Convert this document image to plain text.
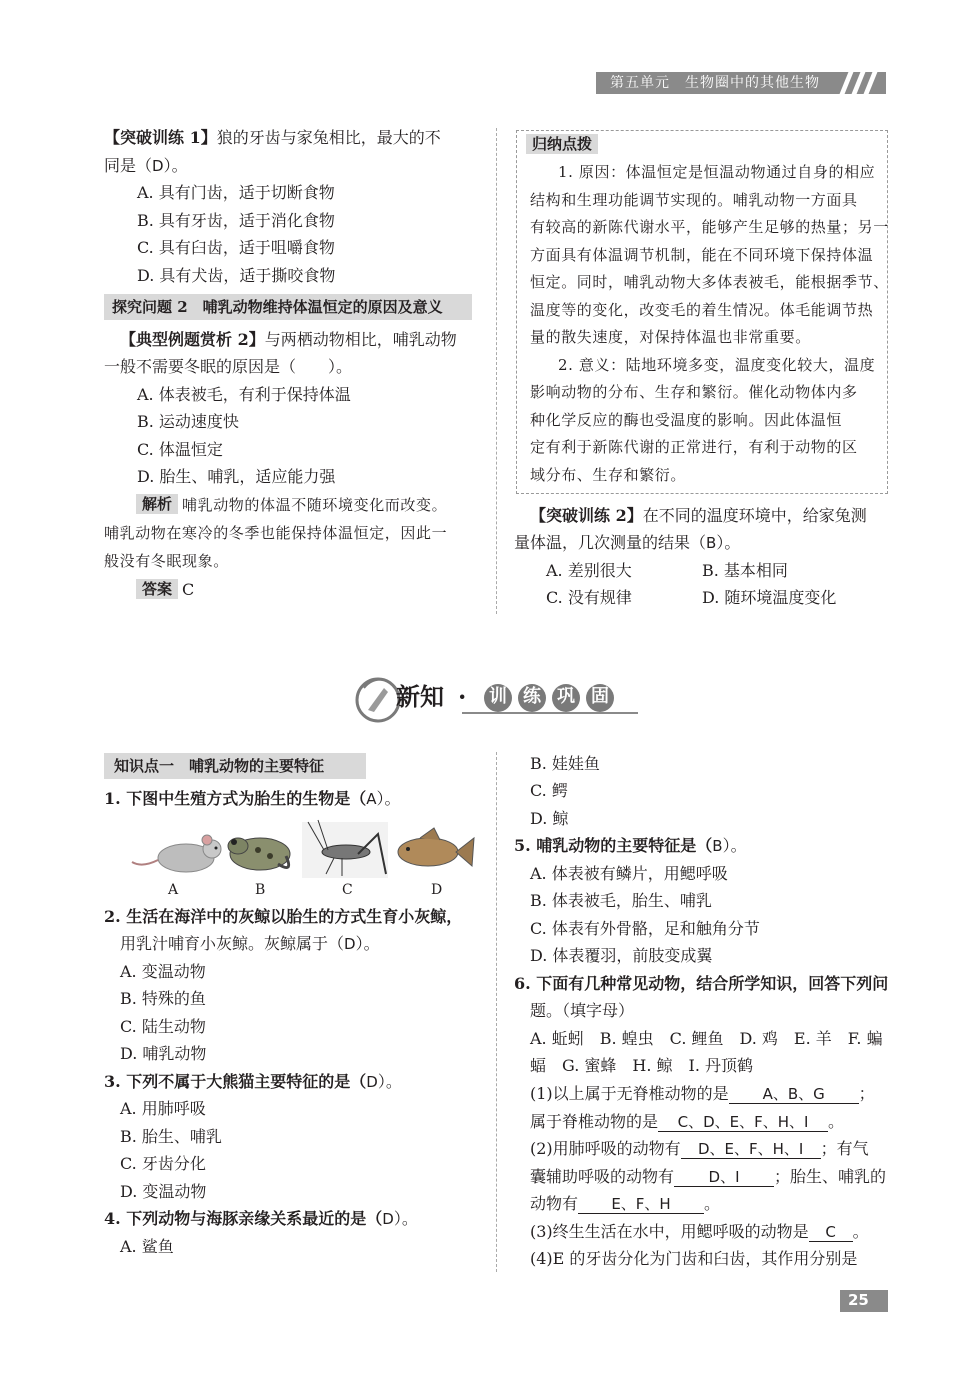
第五单元　生物圈中的其他生物
【突破训练 1】狼的牙齿与家兔相比，最大的不
同是（D）。
A. 具有门齿，适于切断食物
B. 具有牙齿，适于消化食物
C. 具有臼齿，适于咀嚼食物
D. 具有犬齿，适于撕咬食物
探究问题 2　哺乳动物维持体温恒定的原因及意义
【典型例题赏析 2】与两栖动物相比，哺乳动物
一般不需要冬眠的原因是（　　）。
A. 体表被毛，有利于保持体温
B. 运动速度快
C. 体温恒定
D. 胎生、哺乳，适应能力强
解析 哺乳动物的体温不随环境变化而改变。
哺乳动物在寒冷的冬季也能保持体温恒定，因此一
般没有冬眠现象。
答案 C
归纳点拨
1. 原因：体温恒定是恒温动物通过自身的相应
结构和生理功能调节实现的。哺乳动物一方面具
有较高的新陈代谢水平，能够产生足够的热量；另一
方面具有体温调节机制，能在不同环境下保持体温
恒定。同时，哺乳动物大多体表被毛，能根据季节、
温度等的变化，改变毛的着生情况。体毛能调节热
量的散失速度，对保持体温也非常重要。
2. 意义：陆地环境多变，温度变化较大，温度
影响动物的分布、生存和繁衍。催化动物体内多
种化学反应的酶也受温度的影响。因此体温恒
定有利于新陈代谢的正常进行，有利于动物的区
域分布、生存和繁衍。
【突破训练 2】在不同的温度环境中，给家兔测
量体温，几次测量的结果（B）。
A. 差别很大	B. 基本相同
C. 没有规律	D. 随环境温度变化
新知 · 训 练 巩 固
知识点一　哺乳动物的主要特征
1. 下图中生殖方式为胎生的生物是（A）。
A	B	C	D
2. 生活在海洋中的灰鲸以胎生的方式生育小灰鲸，
用乳汁哺育小灰鲸。灰鲸属于（D）。
A. 变温动物
B. 特殊的鱼
C. 陆生动物
D. 哺乳动物
3. 下列不属于大熊猫主要特征的是（D）。
A. 用肺呼吸
B. 胎生、哺乳
C. 牙齿分化
D. 变温动物
4. 下列动物与海豚亲缘关系最近的是（D）。
A. 鲨鱼
B. 娃娃鱼
C. 鳄
D. 鲸
5. 哺乳动物的主要特征是（B）。
A. 体表被有鳞片，用鳃呼吸
B. 体表被毛，胎生、哺乳
C. 体表有外骨骼，足和触角分节
D. 体表覆羽，前肢变成翼
6. 下面有几种常见动物，结合所学知识，回答下列问
题。（填字母）
A. 蚯蚓　B. 蝗虫　C. 鲤鱼　D. 鸡　E. 羊　F. 蝙
蝠　G. 蜜蜂　H. 鲸　I. 丹顶鹤
(1)以上属于无脊椎动物的是 A、B、G ；
属于脊椎动物的是 C、D、E、F、H、I 。
(2)用肺呼吸的动物有 D、E、F、H、I ；有气
囊辅助呼吸的动物有 D、I ；胎生、哺乳的
动物有 E、F、H 。
(3)终生生活在水中，用鳃呼吸的动物是 C 。
(4)E 的牙齿分化为门齿和臼齿，其作用分别是
25
